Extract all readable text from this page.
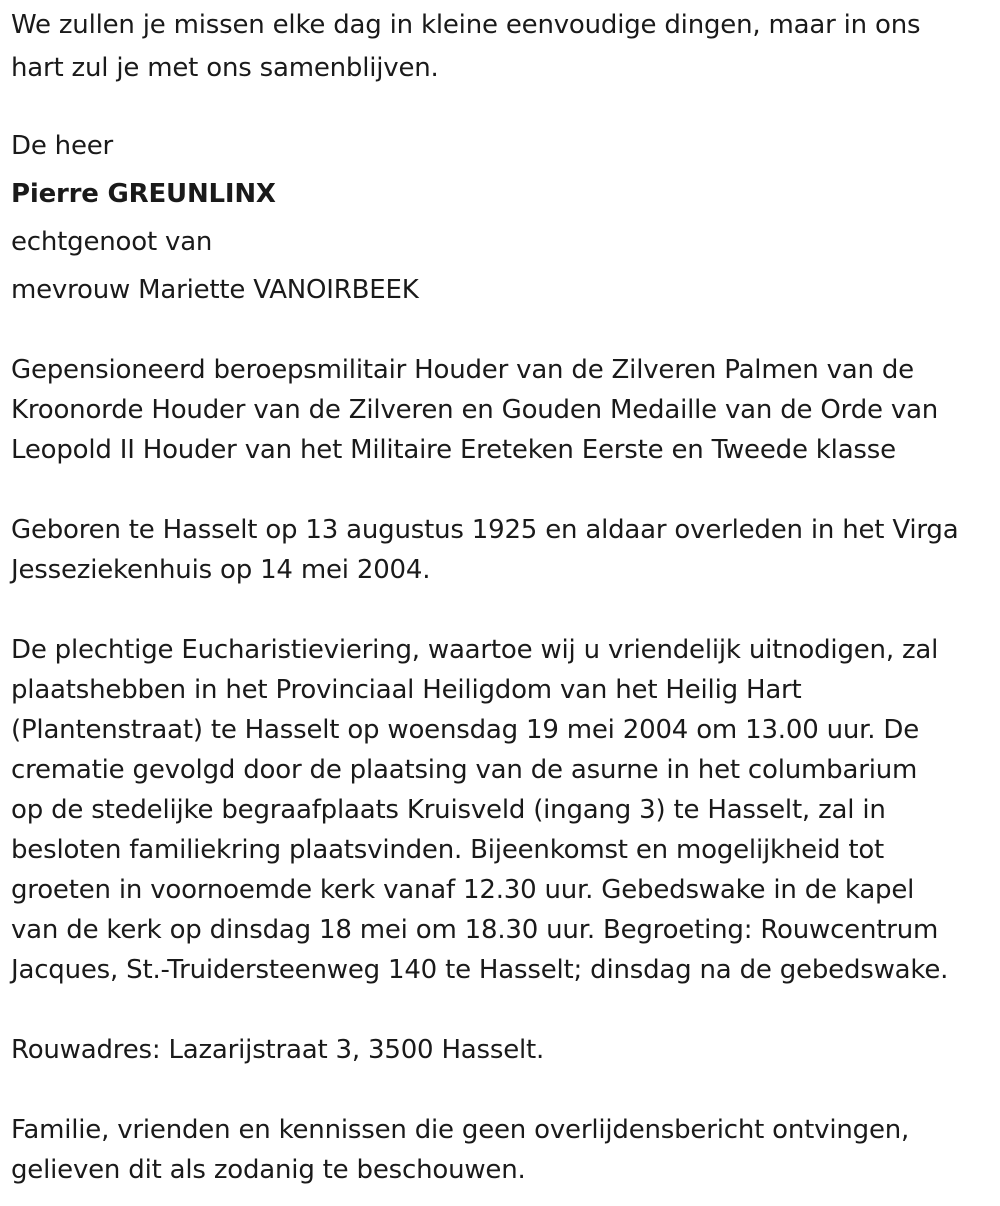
We zullen je missen elke dag in kleine eenvoudige dingen, maar in ons
hart zul je met ons samenblijven.
De heer
Pierre GREUNLINX
echtgenoot van
mevrouw Mariette VANOIRBEEK
Gepensioneerd beroepsmilitair Houder van de Zilveren Palmen van de
Kroonorde Houder van de Zilveren en Gouden Medaille van de Orde van
Leopold II Houder van het Militaire Ereteken Eerste en Tweede klasse
Geboren te Hasselt op 13 augustus 1925 en aldaar overleden in het Virga
Jesseziekenhuis op 14 mei 2004.
De plechtige Eucharistieviering, waartoe wij u vriendelijk uitnodigen, zal
plaatshebben in het Provinciaal Heiligdom van het Heilig Hart
(Plantenstraat) te Hasselt op woensdag 19 mei 2004 om 13.00 uur. De
crematie gevolgd door de plaatsing van de asurne in het columbarium
op de stedelijke begraafplaats Kruisveld (ingang 3) te Hasselt, zal in
besloten familiekring plaatsvinden. Bijeenkomst en mogelijkheid tot
groeten in voornoemde kerk vanaf 12.30 uur. Gebedswake in de kapel
van de kerk op dinsdag 18 mei om 18.30 uur. Begroeting: Rouwcentrum
Jacques, St.-Truidersteenweg 140 te Hasselt; dinsdag na de gebedswake.
Rouwadres: Lazarijstraat 3, 3500 Hasselt.
Familie, vrienden en kennissen die geen overlijdensbericht ontvingen,
gelieven dit als zodanig te beschouwen.
